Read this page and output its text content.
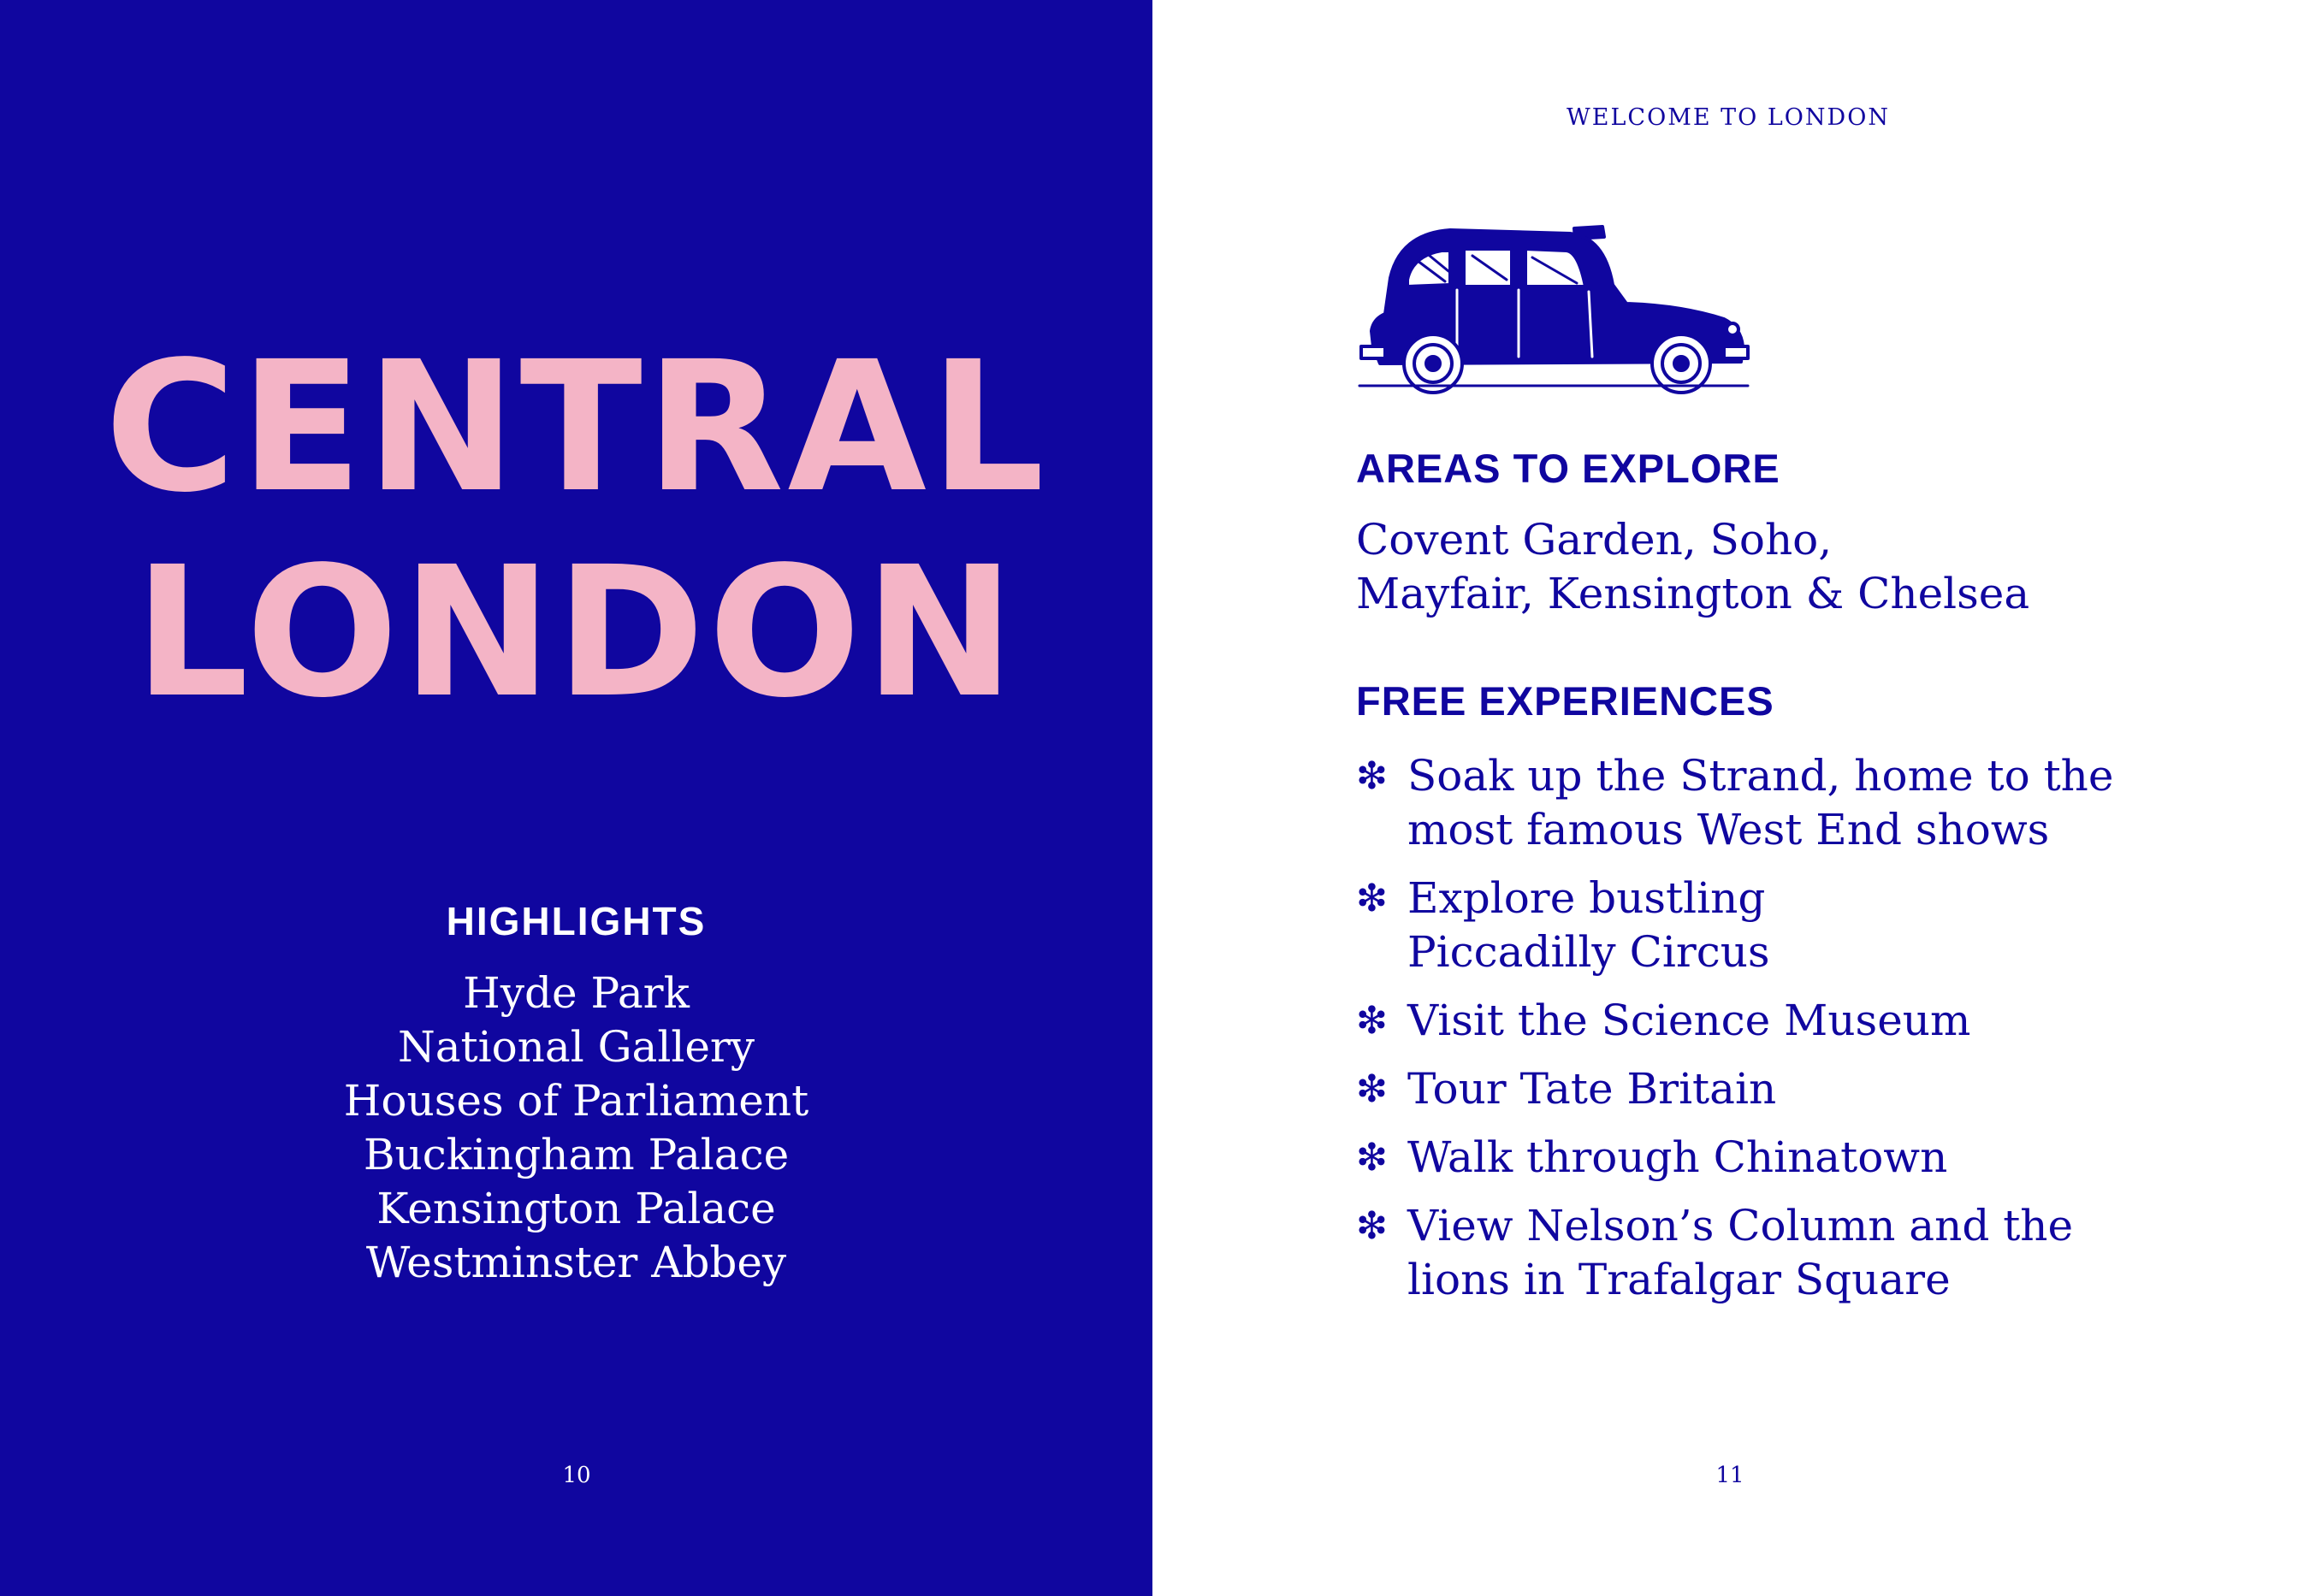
CENTRAL
LONDON
HIGHLIGHTS
Hyde Park
National Gallery
Houses of Parliament
Buckingham Palace
Kensington Palace
Westminster Abbey
10
WELCOME TO LONDON
AREAS TO EXPLORE
Covent Garden, Soho,
Mayfair, Kensington & Chelsea
FREE EXPERIENCES
❇ Soak up the Strand, home to the
most famous West End shows
❇ Explore bustling
Piccadilly Circus
❇ Visit the Science Museum
❇ Tour Tate Britain
❇ Walk through Chinatown
❇ View Nelson’s Column and the
lions in Trafalgar Square
11
